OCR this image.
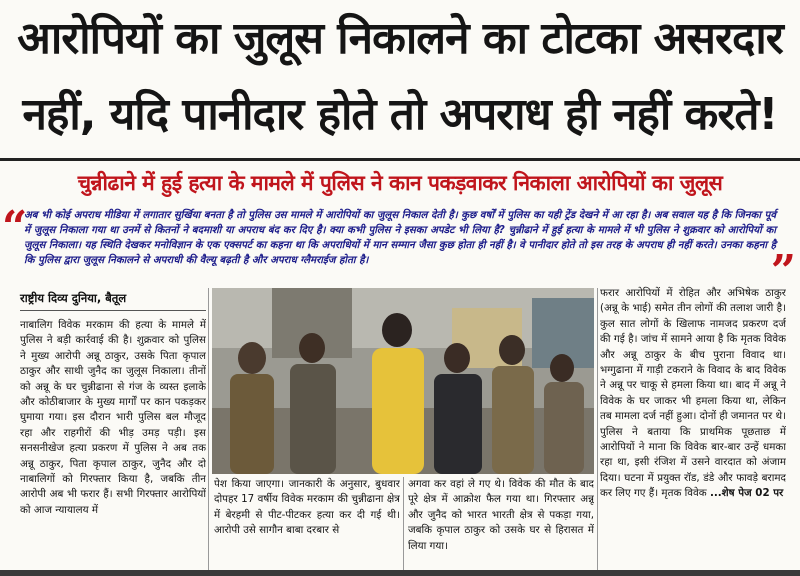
आरोपियों का जुलूस निकालने का टोटका असरदार
नहीं, यदि पानीदार होते तो अपराध ही नहीं करते!
चुन्नीढाने में हुई हत्या के मामले में पुलिस ने कान पकड़वाकर निकाला आरोपियों का जुलूस
“
अब भी कोई अपराध मीडिया में लगातार सुर्खिया बनता है तो पुलिस उस मामले में आरोपियों का जुलूस निकाल देती है। कुछ वर्षों में पुलिस का यही ट्रेंड देखने में आ रहा है। अब सवाल यह है कि जिनका पूर्व में जुलूस निकाला गया था उनमें से कितनों ने बदमाशी या अपराध बंद कर दिए है। क्या कभी पुलिस ने इसका अपडेट भी लिया है? चुन्नीढाने में हुई हत्या के मामले में भी पुलिस ने शुक्रवार को आरोपियों का जुलूस निकाला। यह स्थिति देखकर मनोविज्ञान के एक एक्सपर्ट का कहना था कि अपराधियों में मान सम्मान जैसा कुछ होता ही नहीं है। वे पानीदार होते तो इस तरह के अपराध ही नहीं करते। उनका कहना है कि पुलिस द्वारा जुलूस निकालने से अपराधी की वैल्यू बढ़ती है और अपराध ग्लैमराईज होता है।	”
राष्ट्रीय दिव्य दुनिया, बैतूल
नाबालिग विवेक मरकाम की हत्या के मामले में पुलिस ने बड़ी कार्रवाई की है। शुक्रवार को पुलिस ने मुख्य आरोपी अन्नू ठाकुर, उसके पिता कृपाल ठाकुर और साथी जुनैद का जुलूस निकाला। तीनों को अन्नू के घर चुन्नीढाना से गंज के व्यस्त इलाके और कोठीबाजार के मुख्य मार्गों पर कान पकड़कर घुमाया गया। इस दौरान भारी पुलिस बल मौजूद रहा और राहगीरों की भीड़ उमड़ पड़ी। इस सनसनीखेज हत्या प्रकरण में पुलिस ने अब तक अन्नू ठाकुर, पिता कृपाल ठाकुर, जुनैद और दो नाबालिगों को गिरफ्तार किया है, जबकि तीन आरोपी अब भी फरार हैं। सभी गिरफ्तार आरोपियों को आज न्यायालय में
पेश किया जाएगा। जानकारी के अनुसार, बुधवार दोपहर 17 वर्षीय विवेक मरकाम की चुन्नीढाना क्षेत्र में बेरहमी से पीट-पीटकर हत्या कर दी गई थी। आरोपी उसे सागौन बाबा दरबार से
अगवा कर वहां ले गए थे। विवेक की मौत के बाद पूरे क्षेत्र में आक्रोश फैल गया था। गिरफ्तार अन्नू और जुनैद को भारत भारती क्षेत्र से पकड़ा गया, जबकि कृपाल ठाकुर को उसके घर से हिरासत में लिया गया।
फरार आरोपियों में रोहित और अभिषेक ठाकुर (अन्नू के भाई) समेत तीन लोगों की तलाश जारी है। कुल सात लोगों के खिलाफ नामजद प्रकरण दर्ज की गई है। जांच में सामने आया है कि मृतक विवेक और अन्नू ठाकुर के बीच पुराना विवाद था। भग्गुढाना में गाड़ी टकराने के विवाद के बाद विवेक ने अन्नू पर चाकू से हमला किया था। बाद में अन्नू ने विवेक के घर जाकर भी हमला किया था, लेकिन तब मामला दर्ज नहीं हुआ। दोनों ही जमानत पर थे। पुलिस ने बताया कि प्राथमिक पूछताछ में आरोपियों ने माना कि विवेक बार-बार उन्हें धमका रहा था, इसी रंजिश में उसने वारदात को अंजाम दिया। घटना में प्रयुक्त रॉड, डंडे और फावड़े बरामद कर लिए गए हैं। मृतक विवेक ...शेष पेज 02 पर
